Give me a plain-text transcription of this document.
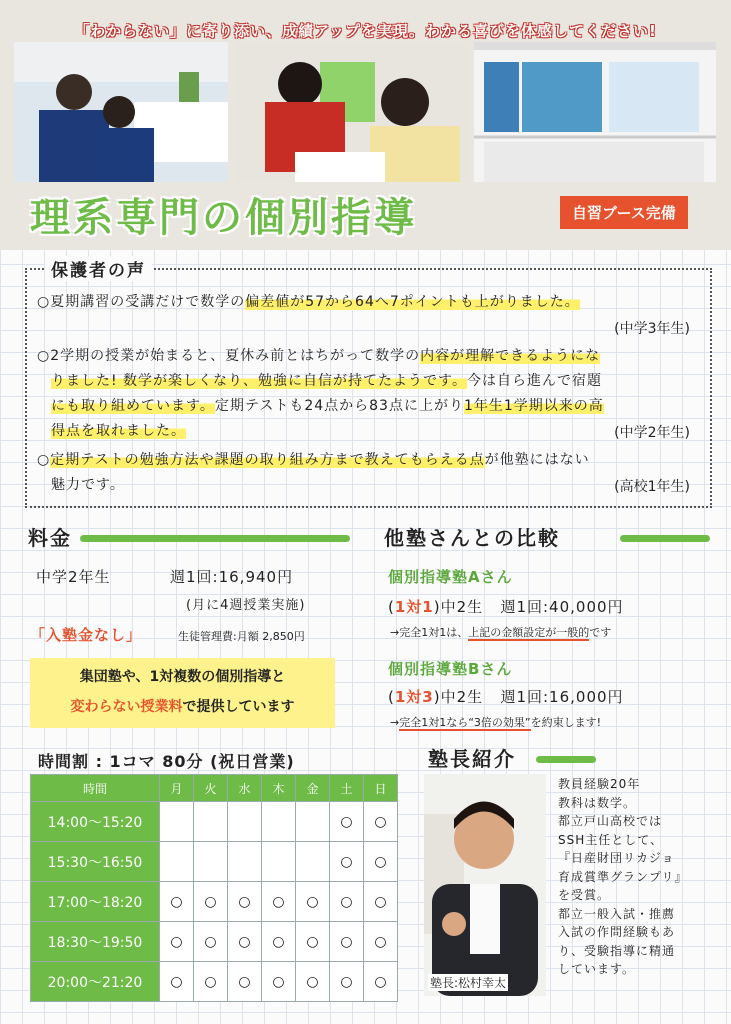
「わからない」に寄り添い、成績アップを実現。わかる喜びを体感してください!
理系専門の個別指導	自習ブース完備
保護者の声
○夏期講習の受講だけで数学の偏差値が57から64へ7ポイントも上がりました。
(中学3年生)
○2学期の授業が始まると、夏休み前とはちがって数学の内容が理解できるようにな
りました! 数学が楽しくなり、勉強に自信が持てたようです。今は自ら進んで宿題
にも取り組めています。定期テストも24点から83点に上がり1年生1学期以来の高
得点を取れました。	(中学2年生)
○定期テストの勉強方法や課題の取り組み方まで教えてもらえる点が他塾にはない
魅力です。	(高校1年生)
料金
中学2年生	週1回:16,940円
(月に4週授業実施)
「入塾金なし」	生徒管理費:月額 2,850円
集団塾や、1対複数の個別指導と
変わらない授業料で提供しています
他塾さんとの比較
個別指導塾Aさん
(1対1)中2生 週1回:40,000円
→完全1対1は、上記の金額設定が一般的です
個別指導塾Bさん
(1対3)中2生 週1回:16,000円
→完全1対1なら“3倍の効果”を約束します!
時間割 : 1コマ 80分 (祝日営業)
時間	月	火	水	木	金	土	日
14:00〜15:20						○	○
15:30〜16:50						○	○
17:00〜18:20	○	○	○	○	○	○	○
18:30〜19:50	○	○	○	○	○	○	○
20:00〜21:20	○	○	○	○	○	○	○
塾長紹介
塾長:松村幸太
教員経験20年
教科は数学。
都立戸山高校では
SSH主任として、
『日産財団リカジョ
育成賞準グランプリ』
を受賞。
都立一般入試・推薦
入試の作問経験もあ
り、受験指導に精通
しています。
